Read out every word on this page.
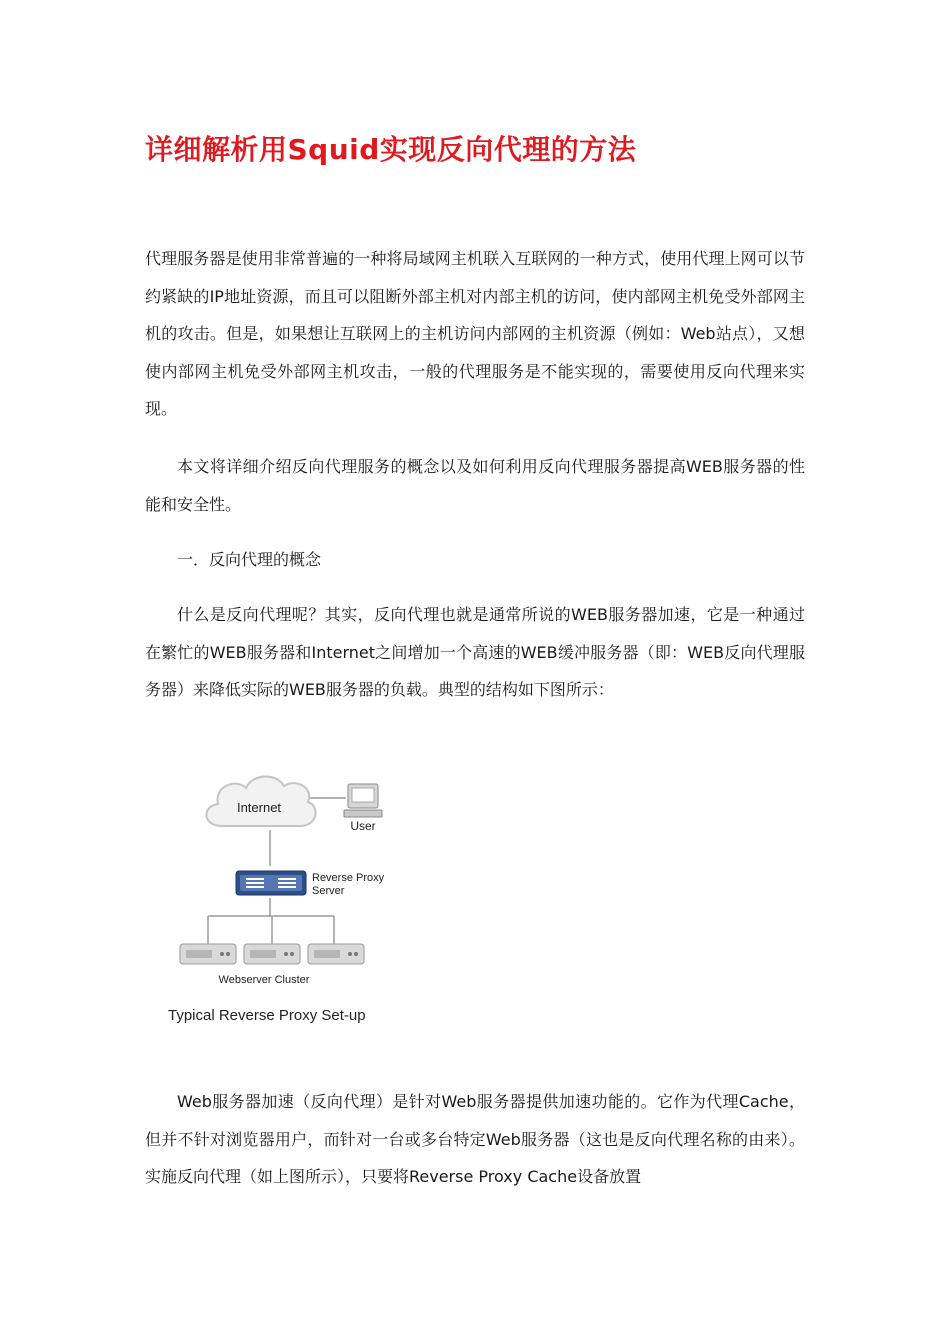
详细解析用Squid实现反向代理的方法

代理服务器是使用非常普遍的一种将局域网主机联入互联网的一种方式，使用代理上网可以节约紧缺的IP地址资源，而且可以阻断外部主机对内部主机的访问，使内部网主机免受外部网主机的攻击。但是，如果想让互联网上的主机访问内部网的主机资源（例如：Web站点），又想使内部网主机免受外部网主机攻击，一般的代理服务是不能实现的，需要使用反向代理来实现。

本文将详细介绍反向代理服务的概念以及如何利用反向代理服务器提高WEB服务器的性能和安全性。

一．反向代理的概念

什么是反向代理呢？其实，反向代理也就是通常所说的WEB服务器加速，它是一种通过在繁忙的WEB服务器和Internet之间增加一个高速的WEB缓冲服务器（即：WEB反向代理服务器）来降低实际的WEB服务器的负载。典型的结构如下图所示：

Internet
User
Reverse Proxy
Server
Webserver Cluster
Typical Reverse Proxy Set-up

Web服务器加速（反向代理）是针对Web服务器提供加速功能的。它作为代理Cache，但并不针对浏览器用户，而针对一台或多台特定Web服务器（这也是反向代理名称的由来）。实施反向代理（如上图所示），只要将Reverse Proxy Cache设备放置
